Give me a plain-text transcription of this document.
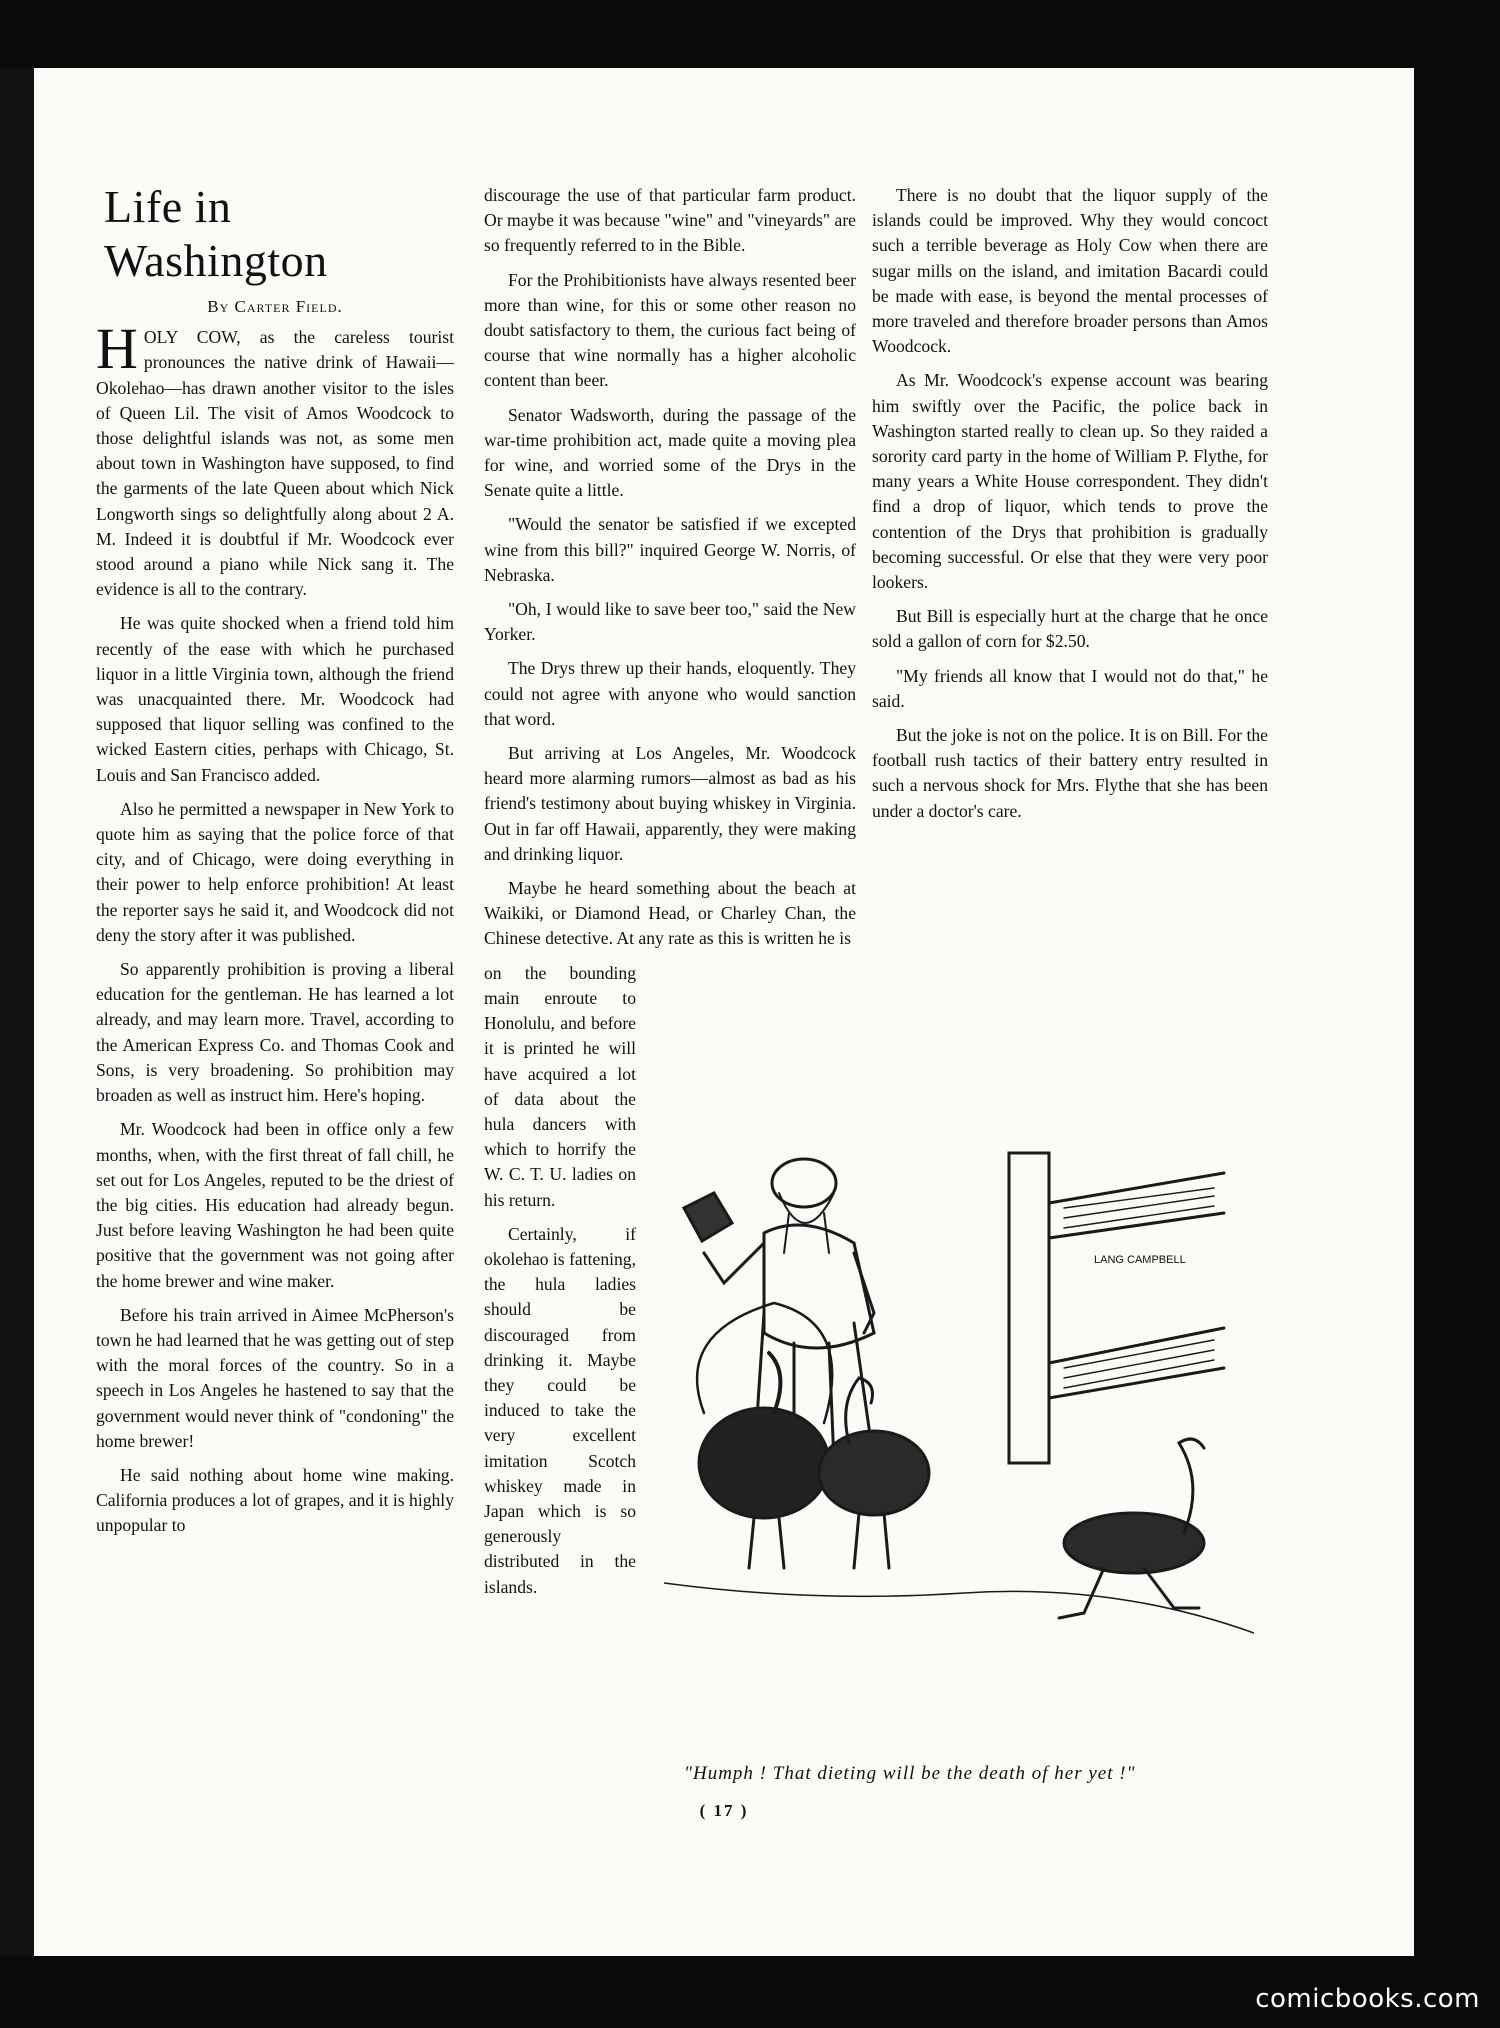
Life in Washington
By Carter Field.

HOLY COW, as the careless tourist pronounces the native drink of Hawaii—Okolehao—has drawn another visitor to the isles of Queen Lil. The visit of Amos Woodcock to those delightful islands was not, as some men about town in Washington have supposed, to find the garments of the late Queen about which Nick Longworth sings so delightfully along about 2 A. M. Indeed it is doubtful if Mr. Woodcock ever stood around a piano while Nick sang it. The evidence is all to the contrary.

He was quite shocked when a friend told him recently of the ease with which he purchased liquor in a little Virginia town, although the friend was unacquainted there. Mr. Woodcock had supposed that liquor selling was confined to the wicked Eastern cities, perhaps with Chicago, St. Louis and San Francisco added.

Also he permitted a newspaper in New York to quote him as saying that the police force of that city, and of Chicago, were doing everything in their power to help enforce prohibition! At least the reporter says he said it, and Woodcock did not deny the story after it was published.

So apparently prohibition is proving a liberal education for the gentleman. He has learned a lot already, and may learn more. Travel, according to the American Express Co. and Thomas Cook and Sons, is very broadening. So prohibition may broaden as well as instruct him. Here's hoping.

Mr. Woodcock had been in office only a few months, when, with the first threat of fall chill, he set out for Los Angeles, reputed to be the driest of the big cities. His education had already begun. Just before leaving Washington he had been quite positive that the government was not going after the home brewer and wine maker.

Before his train arrived in Aimee McPherson's town he had learned that he was getting out of step with the moral forces of the country. So in a speech in Los Angeles he hastened to say that the government would never think of "condoning" the home brewer!

He said nothing about home wine making. California produces a lot of grapes, and it is highly unpopular to

discourage the use of that particular farm product. Or maybe it was because "wine" and "vineyards" are so frequently referred to in the Bible.

For the Prohibitionists have always resented beer more than wine, for this or some other reason no doubt satisfactory to them, the curious fact being of course that wine normally has a higher alcoholic content than beer.

Senator Wadsworth, during the passage of the war-time prohibition act, made quite a moving plea for wine, and worried some of the Drys in the Senate quite a little.

"Would the senator be satisfied if we excepted wine from this bill?" inquired George W. Norris, of Nebraska.

"Oh, I would like to save beer too," said the New Yorker.

The Drys threw up their hands, eloquently. They could not agree with anyone who would sanction that word.

But arriving at Los Angeles, Mr. Woodcock heard more alarming rumors—almost as bad as his friend's testimony about buying whiskey in Virginia. Out in far off Hawaii, apparently, they were making and drinking liquor.

Maybe he heard something about the beach at Waikiki, or Diamond Head, or Charley Chan, the Chinese detective. At any rate as this is written he is

on the bounding main enroute to Honolulu, and before it is printed he will have acquired a lot of data about the hula dancers with which to horrify the W. C. T. U. ladies on his return.

Certainly, if okolehao is fattening, the hula ladies should be discouraged from drinking it. Maybe they could be induced to take the very excellent imitation Scotch whiskey made in Japan which is so generously distributed in the islands.

There is no doubt that the liquor supply of the islands could be improved. Why they would concoct such a terrible beverage as Holy Cow when there are sugar mills on the island, and imitation Bacardi could be made with ease, is beyond the mental processes of more traveled and therefore broader persons than Amos Woodcock.

As Mr. Woodcock's expense account was bearing him swiftly over the Pacific, the police back in Washington started really to clean up. So they raided a sorority card party in the home of William P. Flythe, for many years a White House correspondent. They didn't find a drop of liquor, which tends to prove the contention of the Drys that prohibition is gradually becoming successful. Or else that they were very poor lookers.

But Bill is especially hurt at the charge that he once sold a gallon of corn for $2.50.

"My friends all know that I would not do that," he said.

But the joke is not on the police. It is on Bill. For the football rush tactics of their battery entry resulted in such a nervous shock for Mrs. Flythe that she has been under a doctor's care.

LANG CAMPBELL
"Humph ! That dieting will be the death of her yet !"
( 17 )
comicbooks.com
